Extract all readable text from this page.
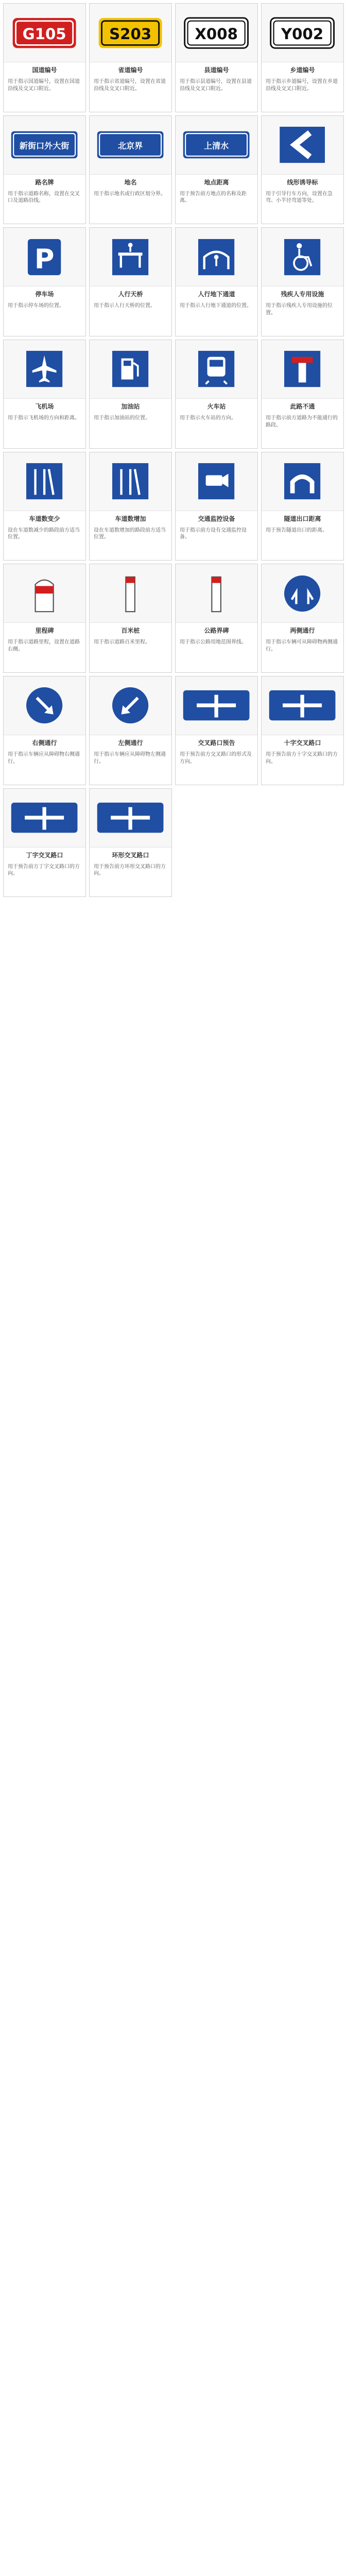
G105
国道编号
用于指示国道编号，设置在国道沿线及交叉口附近。
S203
省道编号
用于指示省道编号，设置在省道沿线及交叉口附近。
X008
县道编号
用于指示县道编号，设置在县道沿线及交叉口附近。
Y002
乡道编号
用于指示乡道编号，设置在乡道沿线及交叉口附近。
新街口外大街
路名牌
用于指示道路名称，设置在交叉口及道路沿线。
北京界
地名
用于指示地名或行政区划分界。
上清水
地点距离
用于预告前方地点的名称及距离。
线形诱导标
用于引导行车方向，设置在急弯、小半径弯道等处。
P
停车场
用于指示停车场的位置。
人行天桥
用于指示人行天桥的位置。
人行地下通道
用于指示人行地下通道的位置。
残疾人专用设施
用于指示残疾人专用设施的位置。
飞机场
用于指示飞机场的方向和距离。
加油站
用于指示加油站的位置。
火车站
用于指示火车站的方向。
此路不通
用于指示前方道路为不能通行的路段。
车道数变少
设在车道数减少的路段前方适当位置。
车道数增加
设在车道数增加的路段前方适当位置。
交通监控设备
用于指示前方设有交通监控设备。
隧道出口距离
用于预告隧道出口的距离。
里程碑
用于指示道路里程，设置在道路右侧。
百米桩
用于指示道路百米里程。
公路界碑
用于指示公路用地范围界线。
两侧通行
用于指示车辆可从障碍物两侧通行。
右侧通行
用于指示车辆应从障碍物右侧通行。
左侧通行
用于指示车辆应从障碍物左侧通行。
交叉路口预告
用于预告前方交叉路口的形式及方向。
十字交叉路口
用于预告前方十字交叉路口的方向。
丁字交叉路口
用于预告前方丁字交叉路口的方向。
环形交叉路口
用于预告前方环形交叉路口的方向。
